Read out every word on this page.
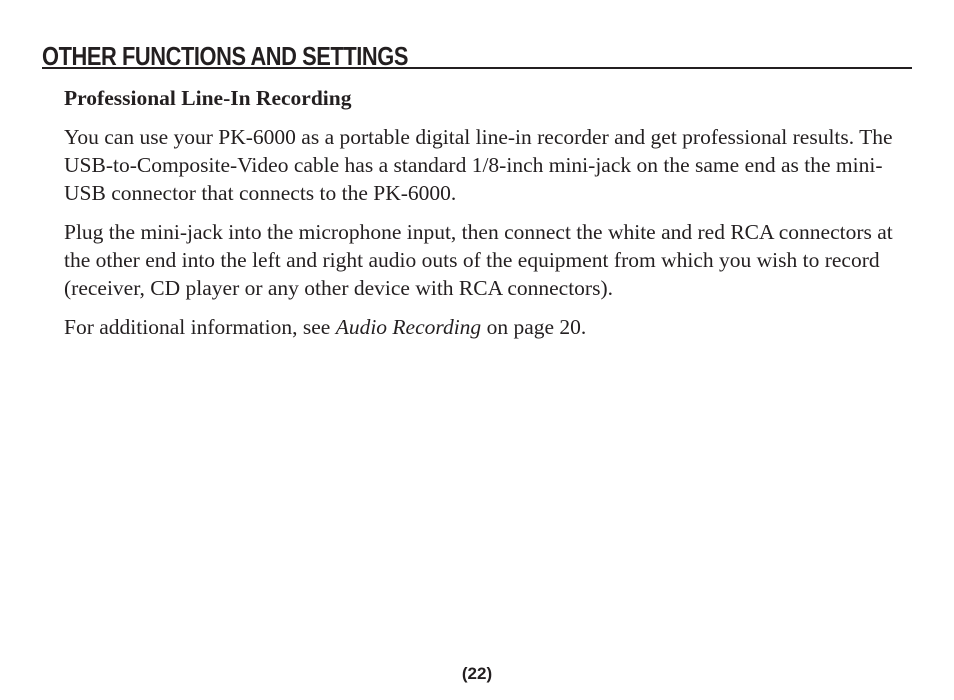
OTHER FUNCTIONS AND SETTINGS
Professional Line-In Recording

You can use your PK-6000 as a portable digital line-in recorder and get professional results. The USB-to-Composite-Video cable has a standard 1/8-inch mini-jack on the same end as the mini-USB connector that connects to the PK-6000.

Plug the mini-jack into the microphone input, then connect the white and red RCA connectors at the other end into the left and right audio outs of the equipment from which you wish to record (receiver, CD player or any other device with RCA connectors).

For additional information, see Audio Recording on page 20.

(22)
